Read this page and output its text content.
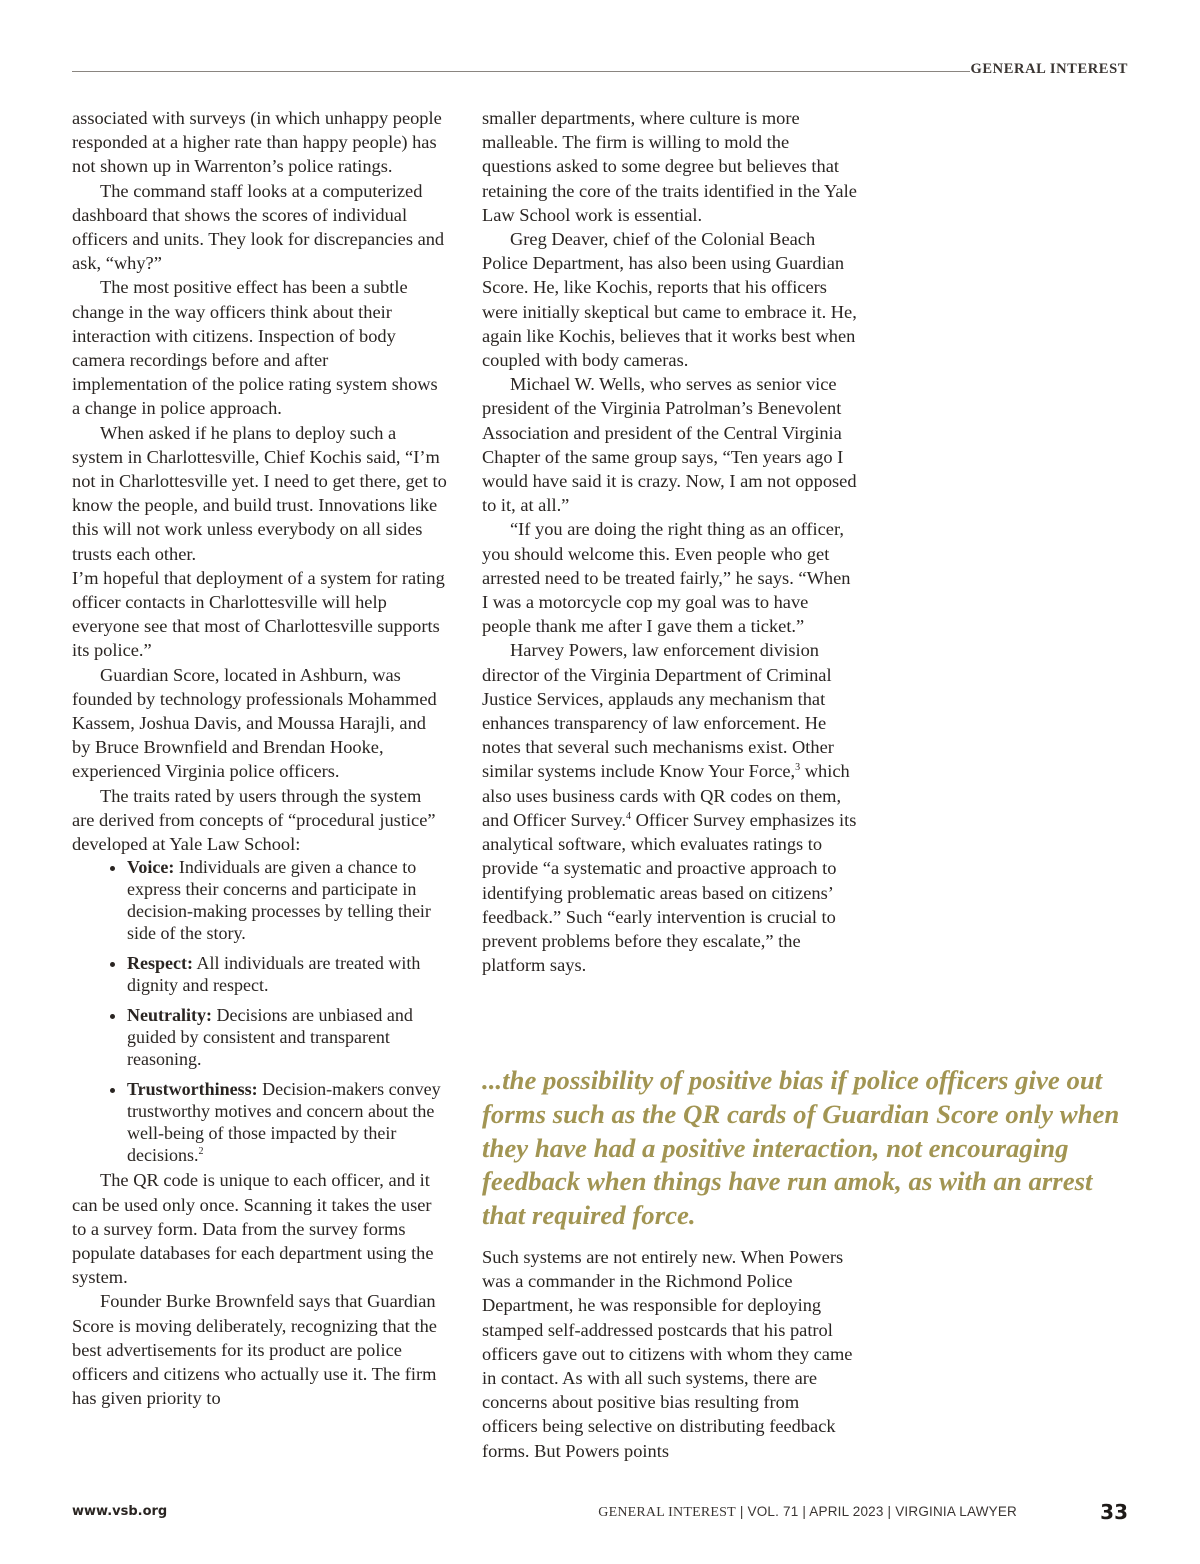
GENERAL INTEREST

associated with surveys (in which unhappy people responded at a higher rate than happy people) has not shown up in Warrenton’s police ratings.

The command staff looks at a computerized dashboard that shows the scores of individual officers and units. They look for discrepancies and ask, “why?”

The most positive effect has been a subtle change in the way officers think about their interaction with citizens. Inspection of body camera recordings before and after implementation of the police rating system shows a change in police approach.

When asked if he plans to deploy such a system in Charlottesville, Chief Kochis said, “I’m not in Charlottesville yet. I need to get there, get to know the people, and build trust. Innovations like this will not work unless everybody on all sides trusts each other.

I’m hopeful that deployment of a system for rating officer contacts in Charlottesville will help everyone see that most of Charlottesville supports its police.”

Guardian Score, located in Ashburn, was founded by technology professionals Mohammed Kassem, Joshua Davis, and Moussa Harajli, and by Bruce Brownfield and Brendan Hooke, experienced Virginia police officers.

The traits rated by users through the system are derived from concepts of “procedural justice” developed at Yale Law School:

• Voice: Individuals are given a chance to express their concerns and participate in decision-making processes by telling their side of the story.
• Respect: All individuals are treated with dignity and respect.
• Neutrality: Decisions are unbiased and guided by consistent and transparent reasoning.
• Trustworthiness: Decision-makers convey trustworthy motives and concern about the well-being of those impacted by their decisions.$^2$

The QR code is unique to each officer, and it can be used only once. Scanning it takes the user to a survey form. Data from the survey forms populate databases for each department using the system.

Founder Burke Brownfeld says that Guardian Score is moving deliberately, recognizing that the best advertisements for its product are police officers and citizens who actually use it. The firm has given priority to

smaller departments, where culture is more malleable. The firm is willing to mold the questions asked to some degree but believes that retaining the core of the traits identified in the Yale Law School work is essential.

Greg Deaver, chief of the Colonial Beach Police Department, has also been using Guardian Score. He, like Kochis, reports that his officers were initially skeptical but came to embrace it. He, again like Kochis, believes that it works best when coupled with body cameras.

Michael W. Wells, who serves as senior vice president of the Virginia Patrolman’s Benevolent Association and president of the Central Virginia Chapter of the same group says, “Ten years ago I would have said it is crazy. Now, I am not opposed to it, at all.”

“If you are doing the right thing as an officer, you should welcome this. Even people who get arrested need to be treated fairly,” he says. “When I was a motorcycle cop my goal was to have people thank me after I gave them a ticket.”

Harvey Powers, law enforcement division director of the Virginia Department of Criminal Justice Services, applauds any mechanism that enhances transparency of law enforcement. He notes that several such mechanisms exist. Other similar systems include Know Your Force,$^3$ which also uses business cards with QR codes on them, and Officer Survey.$^4$ Officer Survey emphasizes its analytical software, which evaluates ratings to provide “a systematic and proactive approach to identifying problematic areas based on citizens’ feedback.” Such “early intervention is crucial to prevent problems before they escalate,” the platform says.

...the possibility of positive bias if police officers give out forms such as the QR cards of Guardian Score only when they have had a positive interaction, not encouraging feedback when things have run amok, as with an arrest that required force.

Such systems are not entirely new. When Powers was a commander in the Richmond Police Department, he was responsible for deploying stamped self-addressed postcards that his patrol officers gave out to citizens with whom they came in contact. As with all such systems, there are concerns about positive bias resulting from officers being selective on distributing feedback forms. But Powers points

www.vsb.org	GENERAL INTEREST | VOL. 71 | APRIL 2023 | VIRGINIA LAWYER	33
